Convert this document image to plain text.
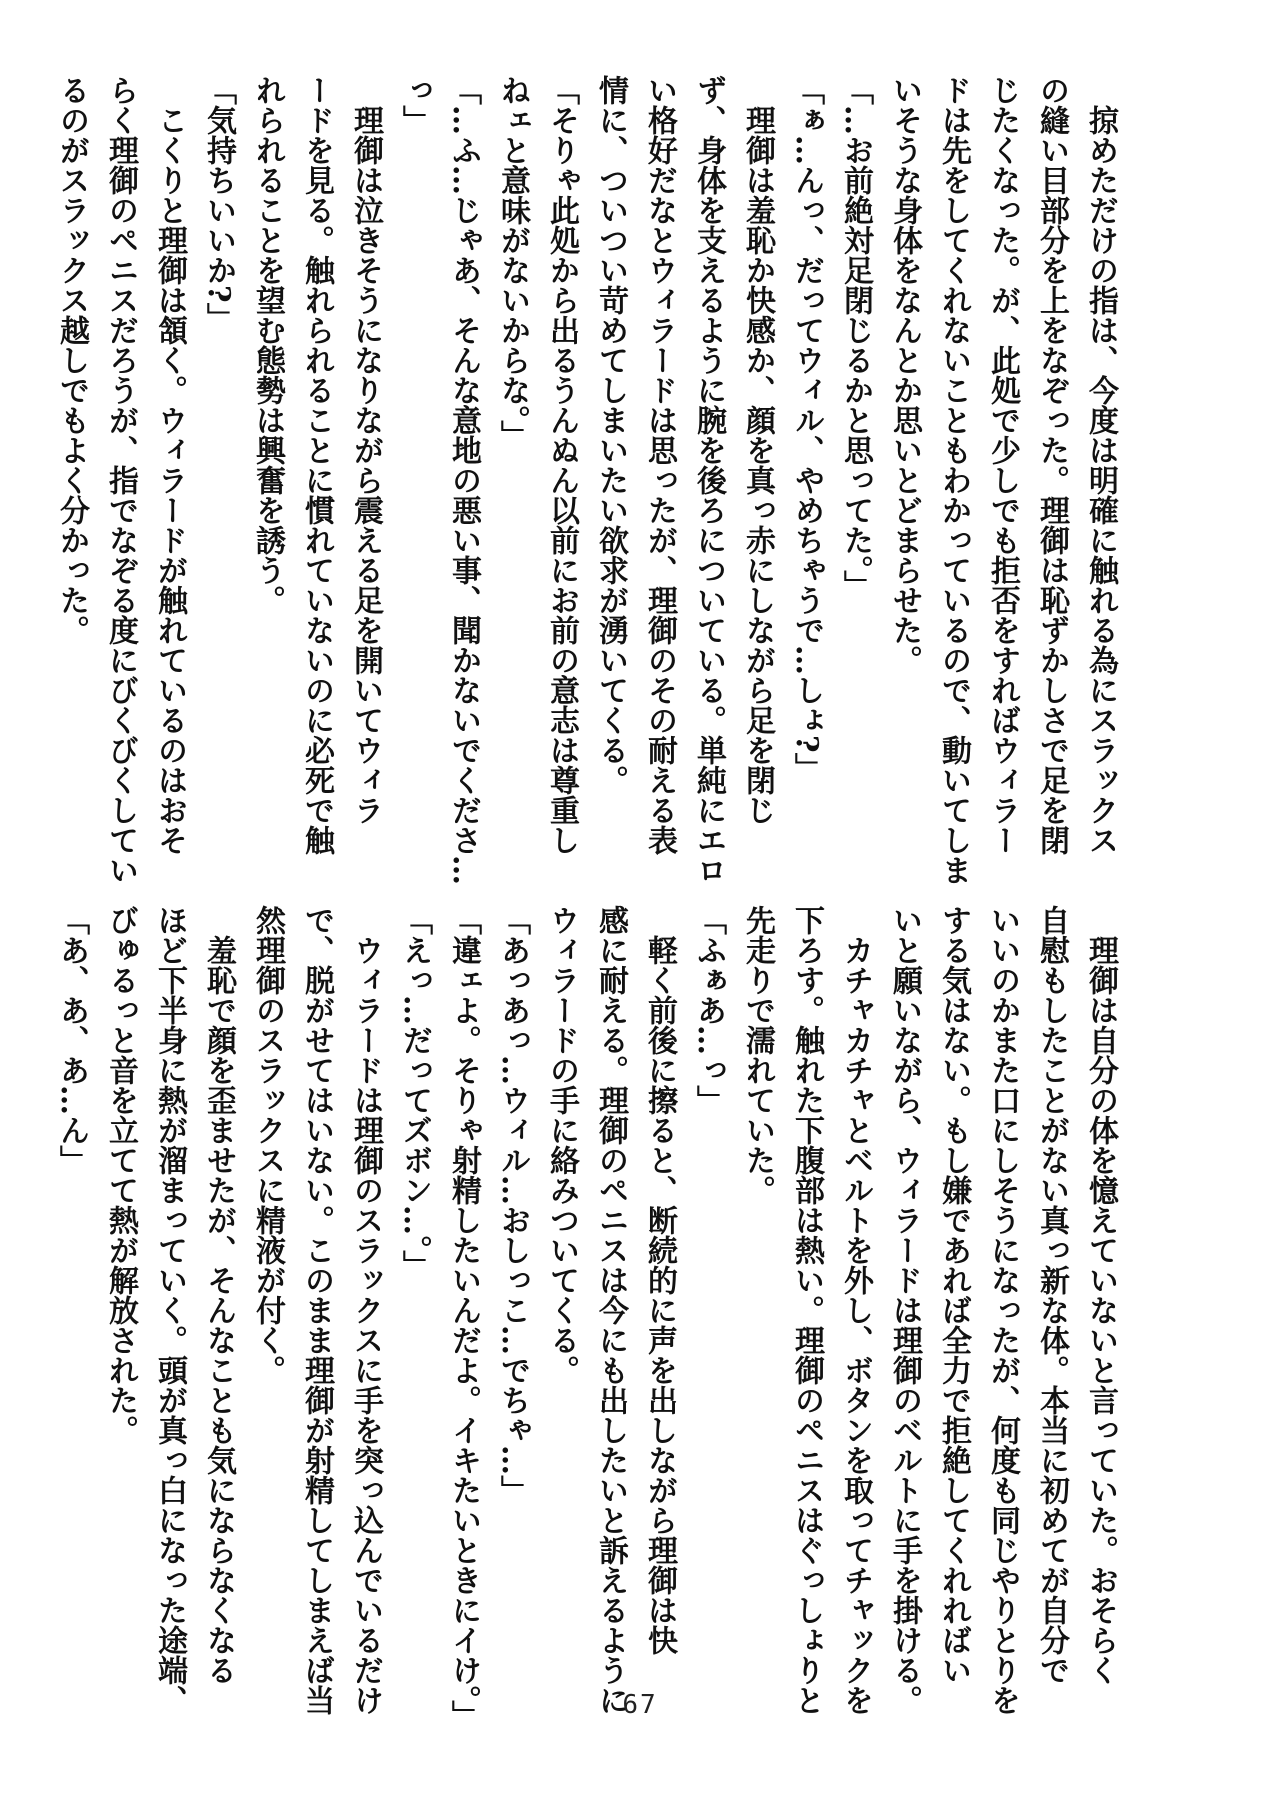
掠めただけの指は、今度は明確に触れる為にスラックス
の縫い目部分を上をなぞった。理御は恥ずかしさで足を閉
じたくなった。が、此処で少しでも拒否をすればウィラー
ドは先をしてくれないこともわかっているので、動いてしま
いそうな身体をなんとか思いとどまらせた。
「…お前絶対足閉じるかと思ってた。」
「ぁ…んっ、だってウィル、やめちゃうで…しょ?」
理御は羞恥か快感か、顔を真っ赤にしながら足を閉じ
ず、身体を支えるように腕を後ろについている。単純にエロ
い格好だなとウィラードは思ったが、理御のその耐える表
情に、ついつい苛めてしまいたい欲求が湧いてくる。
「そりゃ此処から出るうんぬん以前にお前の意志は尊重し
ねェと意味がないからな。」
「…ふ…じゃあ、そんな意地の悪い事、聞かないでくださ…
っ」
理御は泣きそうになりながら震える足を開いてウィラ
ードを見る。触れられることに慣れていないのに必死で触
れられることを望む態勢は興奮を誘う。
「気持ちいいか?」
こくりと理御は頷く。ウィラードが触れているのはおそ
らく理御のペニスだろうが、指でなぞる度にびくびくしてい
るのがスラックス越しでもよく分かった。
理御は自分の体を憶えていないと言っていた。おそらく
自慰もしたことがない真っ新な体。本当に初めてが自分で
いいのかまた口にしそうになったが、何度も同じやりとりを
する気はない。もし嫌であれば全力で拒絶してくれればい
いと願いながら、ウィラードは理御のベルトに手を掛ける。
カチャカチャとベルトを外し、ボタンを取ってチャックを
下ろす。触れた下腹部は熱い。理御のペニスはぐっしょりと
先走りで濡れていた。
「ふぁあ…っ」
軽く前後に擦ると、断続的に声を出しながら理御は快
感に耐える。理御のペニスは今にも出したいと訴えるように
ウィラードの手に絡みついてくる。
「あっあっ…ウィル…おしっこ…でちゃ…」
「違ェよ。そりゃ射精したいんだよ。イキたいときにイけ。」
「えっ…だってズボン…。」
ウィラードは理御のスラックスに手を突っ込んでいるだけ
で、脱がせてはいない。このまま理御が射精してしまえば当
然理御のスラックスに精液が付く。
羞恥で顔を歪ませたが、そんなことも気にならなくなる
ほど下半身に熱が溜まっていく。頭が真っ白になった途端、
びゅるっと音を立てて熱が解放された。
「あ、あ、あ…ん」
67
